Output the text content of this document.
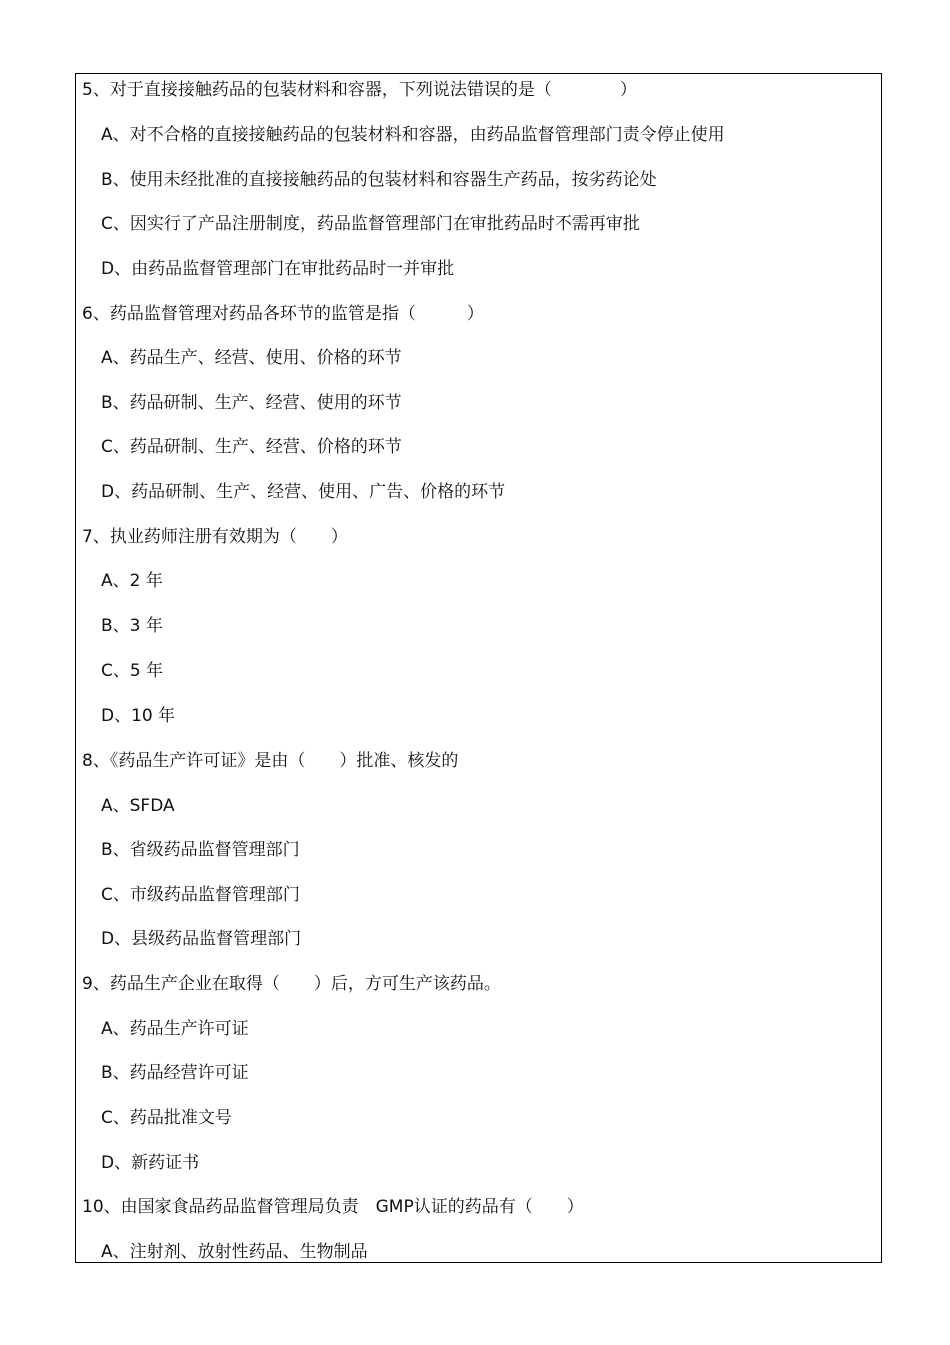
5、对于直接接触药品的包装材料和容器，下列说法错误的是（　　　　）
A、对不合格的直接接触药品的包装材料和容器，由药品监督管理部门责令停止使用
B、使用未经批准的直接接触药品的包装材料和容器生产药品，按劣药论处
C、因实行了产品注册制度，药品监督管理部门在审批药品时不需再审批
D、由药品监督管理部门在审批药品时一并审批
6、药品监督管理对药品各环节的监管是指（　　　）
A、药品生产、经营、使用、价格的环节
B、药品研制、生产、经营、使用的环节
C、药品研制、生产、经营、价格的环节
D、药品研制、生产、经营、使用、广告、价格的环节
7、执业药师注册有效期为（　　）
A、2 年
B、3 年
C、5 年
D、10 年
8、《药品生产许可证》是由（　　）批准、核发的
A、SFDA
B、省级药品监督管理部门
C、市级药品监督管理部门
D、县级药品监督管理部门
9、药品生产企业在取得（　　）后，方可生产该药品。
A、药品生产许可证
B、药品经营许可证
C、药品批准文号
D、新药证书
10、由国家食品药品监督管理局负责　GMP认证的药品有（　　）
A、注射剂、放射性药品、生物制品
